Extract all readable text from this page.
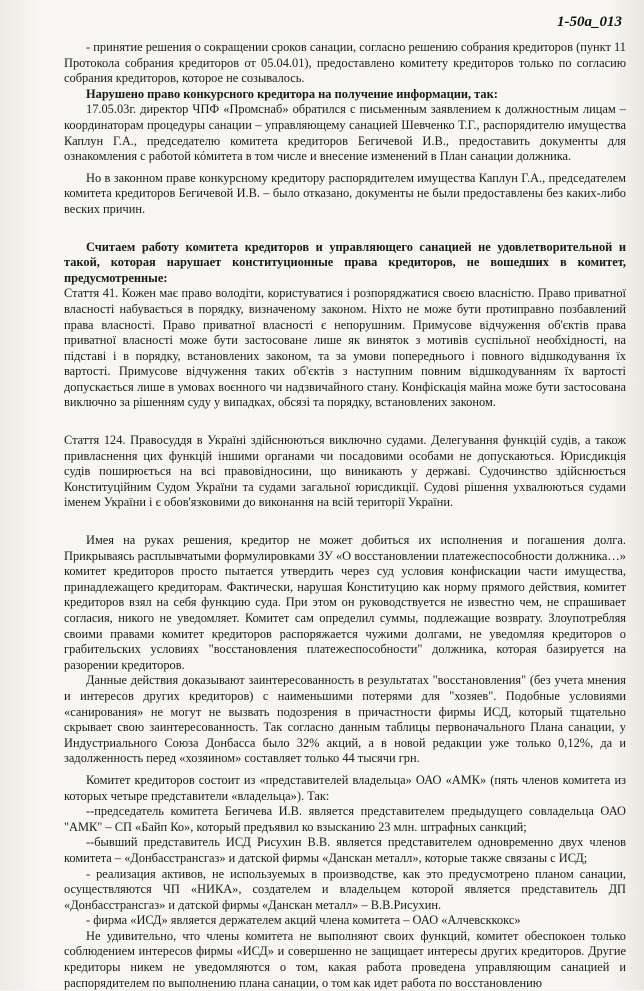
1-50a_013

- принятие решения о сокращении сроков санации, согласно решению собрания кредиторов (пункт 11 Протокола собрания кредиторов от 05.04.01), предоставлено комитету кредиторов только по согласию собрания кредиторов, которое не созывалось.

Нарушено право конкурсного кредитора на получение информации, так:

17.05.03г. директор ЧПФ «Промснаб» обратился с письменным заявлением к должностным лицам – координаторам процедуры санации – управляющему санацией Шевченко Т.Г., распорядителю имущества Каплун Г.А., председателю комитета кредиторов Бегичевой И.В., предоставить документы для ознакомления с работой кόмитета в том числе и внесение изменений в План санации должника.

Но в законном праве конкурсному кредитору распорядителем имущества Каплун Г.А., председателем комитета кредиторов Бегичевой И.В. – было отказано, документы не были предоставлены без каких-либо веских причин.

Считаем работу комитета кредиторов и управляющего санацией не удовлетворительной и такой, которая нарушает конституционные права кредиторов, не вошедших в комитет, предусмотренные:

Стаття 41. Кожен має право володіти, користуватися і розпоряджатися своєю власністю. Право приватної власності набувається в порядку, визначеному законом. Ніхто не може бути протиправно позбавлений права власності. Право приватної власності є непорушним. Примусове відчуження об'єктів права приватної власності може бути застосоване лише як виняток з мотивів суспільної необхідності, на підставі і в порядку, встановлених законом, та за умови попереднього і повного відшкодування їх вартості. Примусове відчуження таких об'єктів з наступним повним відшкодуванням їх вартості допускається лише в умовах воєнного чи надзвичайного стану. Конфіскація майна може бути застосована виключно за рішенням суду у випадках, обсязі та порядку, встановлених законом.

Стаття 124. Правосуддя в Україні здійснюються виключно судами. Делегування функцій судів, а також привласнення цих функцій іншими органами чи посадовими особами не допускаються. Юрисдикція судів поширюється на всі правовідносини, що виникають у державі. Судочинство здійснюється Конституційним Судом України та судами загальної юрисдикції. Судові рішення ухвалюються судами іменем України і є обов'язковими до виконання на всій території України.

Имея на руках решения, кредитор не может добиться их исполнения и погашения долга. Прикрываясь расплывчатыми формулировками ЗУ «О восстановлении платежеспособности должника…» комитет кредиторов просто пытается утвердить через суд условия конфискации части имущества, принадлежащего кредиторам. Фактически, нарушая Конституцию как норму прямого действия, комитет кредиторов взял на себя функцию суда. При этом он руководствуется не известно чем, не спрашивает согласия, никого не уведомляет. Комитет сам определил суммы, подлежащие возврату. Злоупотребляя своими правами комитет кредиторов распоряжается чужими долгами, не уведомляя кредиторов о грабительских условиях "восстановления платежеспособности" должника, которая базируется на разорении кредиторов.

Данные действия доказывают заинтересованность в результатах "восстановления" (без учета мнения и интересов других кредиторов) с наименьшими потерями для "хозяев". Подобные условиями «санирования» не могут не вызвать подозрения в причастности фирмы ИСД, который тщательно скрывает свою заинтересованность. Так согласно данным таблицы первоначального Плана санации, у Индустриального Союза Донбасса было 32% акций, а в новой редакции уже только 0,12%, да и задолженность перед «хозяином» составляет только 44 тысячи грн.

Комитет кредиторов состоит из «представителей владельца» ОАО «АМК» (пять членов комитета из которых четыре представители «владельца»). Так:

--председатель комитета Бегичева И.В. является представителем предыдущего совладельца ОАО "АМК" – СП «Байп Ко», который предъявил ко взысканию 23 млн. штрафных санкций;

--бывший представитель ИСД Рисухин В.В. является представителем одновременно двух членов комитета – «Донбасстрансгаз» и датской фирмы «Данскан металл», которые также связаны с ИСД;

- реализация активов, не используемых в производстве, как это предусмотрено планом санации, осуществляются ЧП «НИКА», создателем и владельцем которой является представитель ДП «Донбасстрансгаз» и датской фирмы «Данскан металл» – В.В.Рисухин.

- фирма «ИСД» является держателем акций члена комитета – ОАО «Алчевсккокс»

Не удивительно, что члены комитета не выполняют своих функций, комитет обеспокоен только соблюдением интересов фирмы «ИСД» и совершенно не защищает интересы других кредиторов. Другие кредиторы никем не уведомляются о том, какая работа проведена управляющим санацией и распорядителем по выполнению плана санации, о том как идет работа по восстановлению
